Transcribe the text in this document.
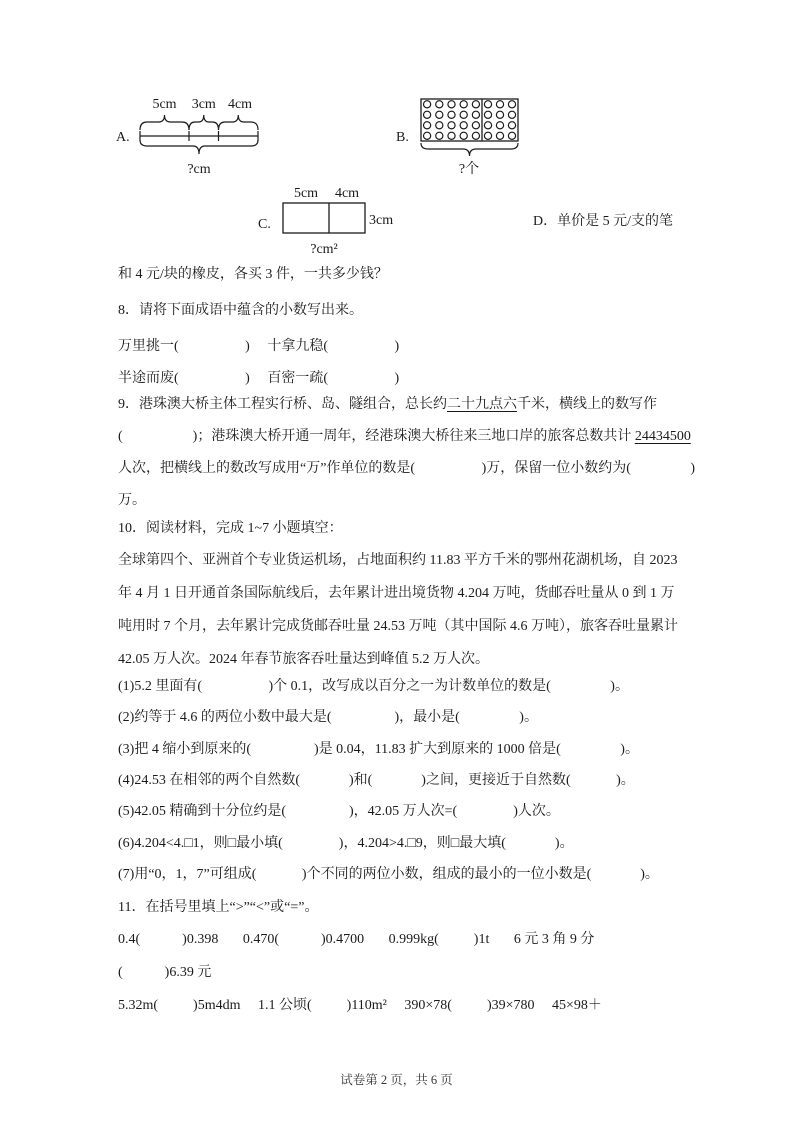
A.
5cm 3cm 4cm
?cm
B.
?个
C.
5cm 4cm
3cm
?cm²
D．单价是 5 元/支的笔
和 4 元/块的橡皮，各买 3 件，一共多少钱？
8．请将下面成语中蕴含的小数写出来。
万里挑一(                   )     十拿九稳(                   )
半途而废(                   )     百密一疏(                   )
9．港珠澳大桥主体工程实行桥、岛、隧组合，总长约二十九点六千米，横线上的数写作
(                    )；港珠澳大桥开通一周年，经港珠澳大桥往来三地口岸的旅客总数共计 24434500
人次，把横线上的数改写成用“万”作单位的数是(                   )万，保留一位小数约为(                 )
万。
10．阅读材料，完成 1~7 小题填空：
全球第四个、亚洲首个专业货运机场，占地面积约 11.83 平方千米的鄂州花湖机场，自 2023
年 4 月 1 日开通首条国际航线后，去年累计进出境货物 4.204 万吨，货邮吞吐量从 0 到 1 万
吨用时 7 个月，去年累计完成货邮吞吐量 24.53 万吨（其中国际 4.6 万吨），旅客吞吐量累计
42.05 万人次。2024 年春节旅客吞吐量达到峰值 5.2 万人次。
(1)5.2 里面有(                   )个 0.1，改写成以百分之一为计数单位的数是(                 )。
(2)约等于 4.6 的两位小数中最大是(                  )，最小是(                 )。
(3)把 4 缩小到原来的(                  )是 0.04，11.83 扩大到原来的 1000 倍是(                 )。
(4)24.53 在相邻的两个自然数(              )和(              )之间，更接近于自然数(             )。
(5)42.05 精确到十分位约是(                  )，42.05 万人次=(                )人次。
(6)4.204<4.□1，则□最小填(                )，4.204>4.□9，则□最大填(              )。
(7)用“0，1，7”可组成(             )个不同的两位小数，组成的最小的一位小数是(              )。
11．在括号里填上“>”“<”或“=”。
0.4(            )0.398       0.470(            )0.4700       0.999kg(          )1t       6 元 3 角 9 分
(            )6.39 元
5.32m(          )5m4dm     1.1 公顷(          )110m²     390×78(          )39×780     45×98＋
试卷第 2 页，共 6 页
